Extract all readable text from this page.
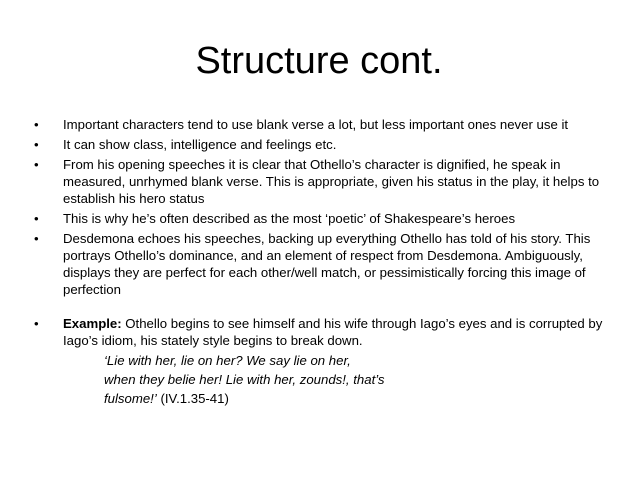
Structure cont.
• Important characters tend to use blank verse a lot, but less important ones never use it
• It can show class, intelligence and feelings etc.
• From his opening speeches it is clear that Othello’s character is dignified, he speak in measured, unrhymed blank verse. This is appropriate, given his status in the play, it helps to establish his hero status
• This is why he’s often described as the most ‘poetic’ of Shakespeare’s heroes
• Desdemona echoes his speeches, backing up everything Othello has told of his story. This portrays Othello’s dominance, and an element of respect from Desdemona. Ambiguously, displays they are perfect for each other/well match, or pessimistically forcing this image of perfection
• Example: Othello begins to see himself and his wife through Iago’s eyes and is corrupted by Iago’s idiom, his stately style begins to break down.
‘Lie with her, lie on her? We say lie on her,
when they belie her! Lie with her, zounds!, that’s
fulsome!’ (IV.1.35-41)
